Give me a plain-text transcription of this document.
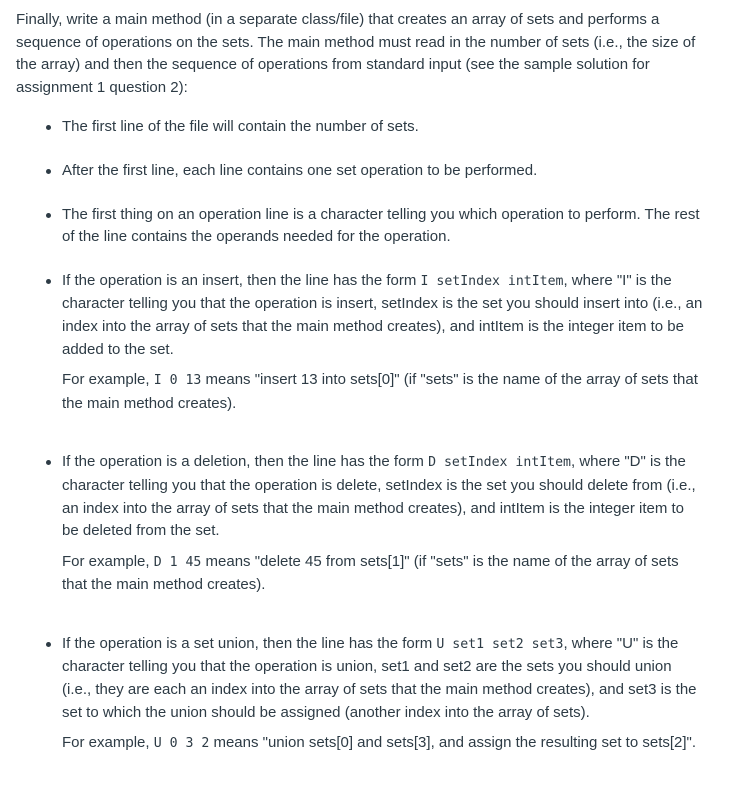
Finally, write a main method (in a separate class/file) that creates an array of sets and performs a sequence of operations on the sets. The main method must read in the number of sets (i.e., the size of the array) and then the sequence of operations from standard input (see the sample solution for assignment 1 question 2):

The first line of the file will contain the number of sets.

After the first line, each line contains one set operation to be performed.

The first thing on an operation line is a character telling you which operation to perform. The rest of the line contains the operands needed for the operation.

If the operation is an insert, then the line has the form I setIndex intItem, where "I" is the character telling you that the operation is insert, setIndex is the set you should insert into (i.e., an index into the array of sets that the main method creates), and intItem is the integer item to be added to the set.

For example, I 0 13 means "insert 13 into sets[0]" (if "sets" is the name of the array of sets that the main method creates).

If the operation is a deletion, then the line has the form D setIndex intItem, where "D" is the character telling you that the operation is delete, setIndex is the set you should delete from (i.e., an index into the array of sets that the main method creates), and intItem is the integer item to be deleted from the set.

For example, D 1 45 means "delete 45 from sets[1]" (if "sets" is the name of the array of sets that the main method creates).

If the operation is a set union, then the line has the form U set1 set2 set3, where "U" is the character telling you that the operation is union, set1 and set2 are the sets you should union (i.e., they are each an index into the array of sets that the main method creates), and set3 is the set to which the union should be assigned (another index into the array of sets).

For example, U 0 3 2 means "union sets[0] and sets[3], and assign the resulting set to sets[2]".
